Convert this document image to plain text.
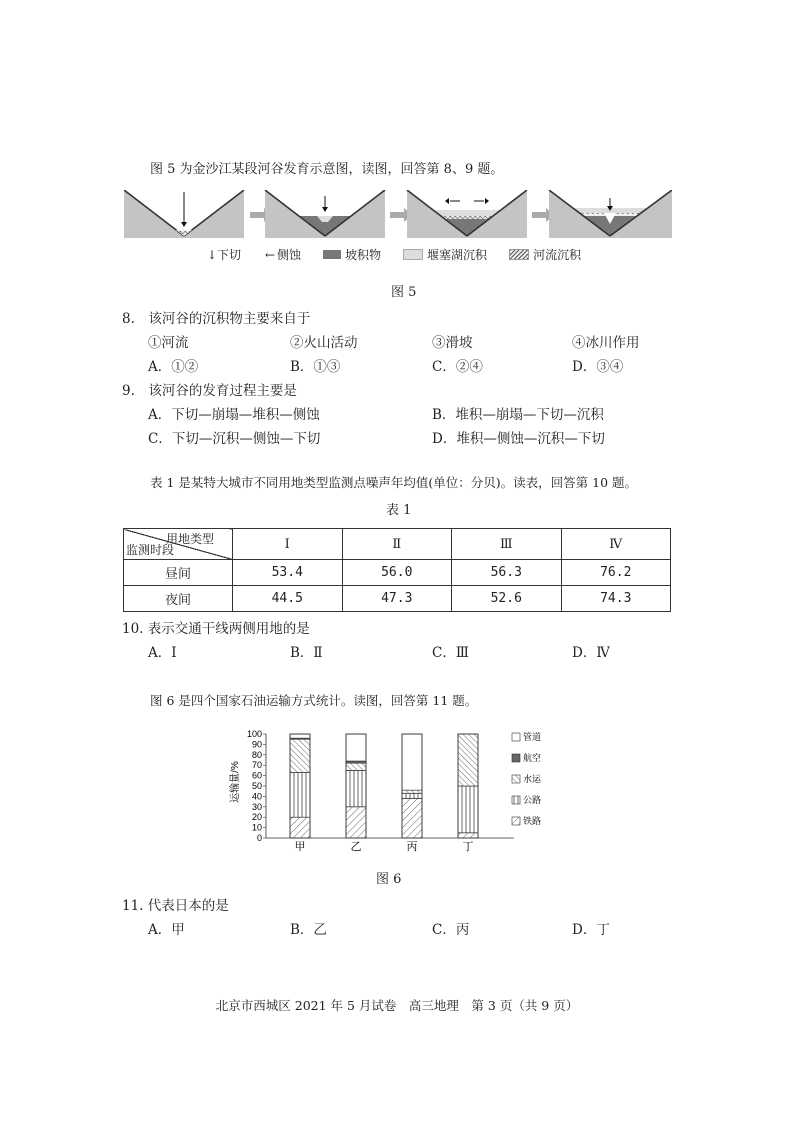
图 5 为金沙江某段河谷发育示意图，读图，回答第 8、9 题。
↓ 下切 ← 侧蚀	坡积物	堰塞湖沉积	河流沉积
图 5
8.　该河谷的沉积物主要来自于
①河流	②火山活动	③滑坡	④冰川作用
A．①②	B．①③	C．②④	D．③④
9.　该河谷的发育过程主要是
A．下切—崩塌—堆积—侧蚀	B．堆积—崩塌—下切—沉积
C．下切—沉积—侧蚀—下切	D．堆积—侧蚀—沉积—下切
表 1 是某特大城市不同用地类型监测点噪声年均值(单位：分贝)。读表，回答第 10 题。
表 1
用地类型
监测时段	Ⅰ	Ⅱ	Ⅲ	Ⅳ
昼间	53.4	56.0	56.3	76.2
夜间	44.5	47.3	52.6	74.3
10. 表示交通干线两侧用地的是
A．Ⅰ	B．Ⅱ	C．Ⅲ	D．Ⅳ
图 6 是四个国家石油运输方式统计。读图，回答第 11 题。
运输量/%
0
10
20
30
40
50
60
70
80
90
100
甲	乙	丙	丁
管道
航空
水运
公路
铁路
图 6
11. 代表日本的是
A．甲	B．乙	C．丙	D．丁
北京市西城区 2021 年 5 月试卷　高三地理　第 3 页（共 9 页）
